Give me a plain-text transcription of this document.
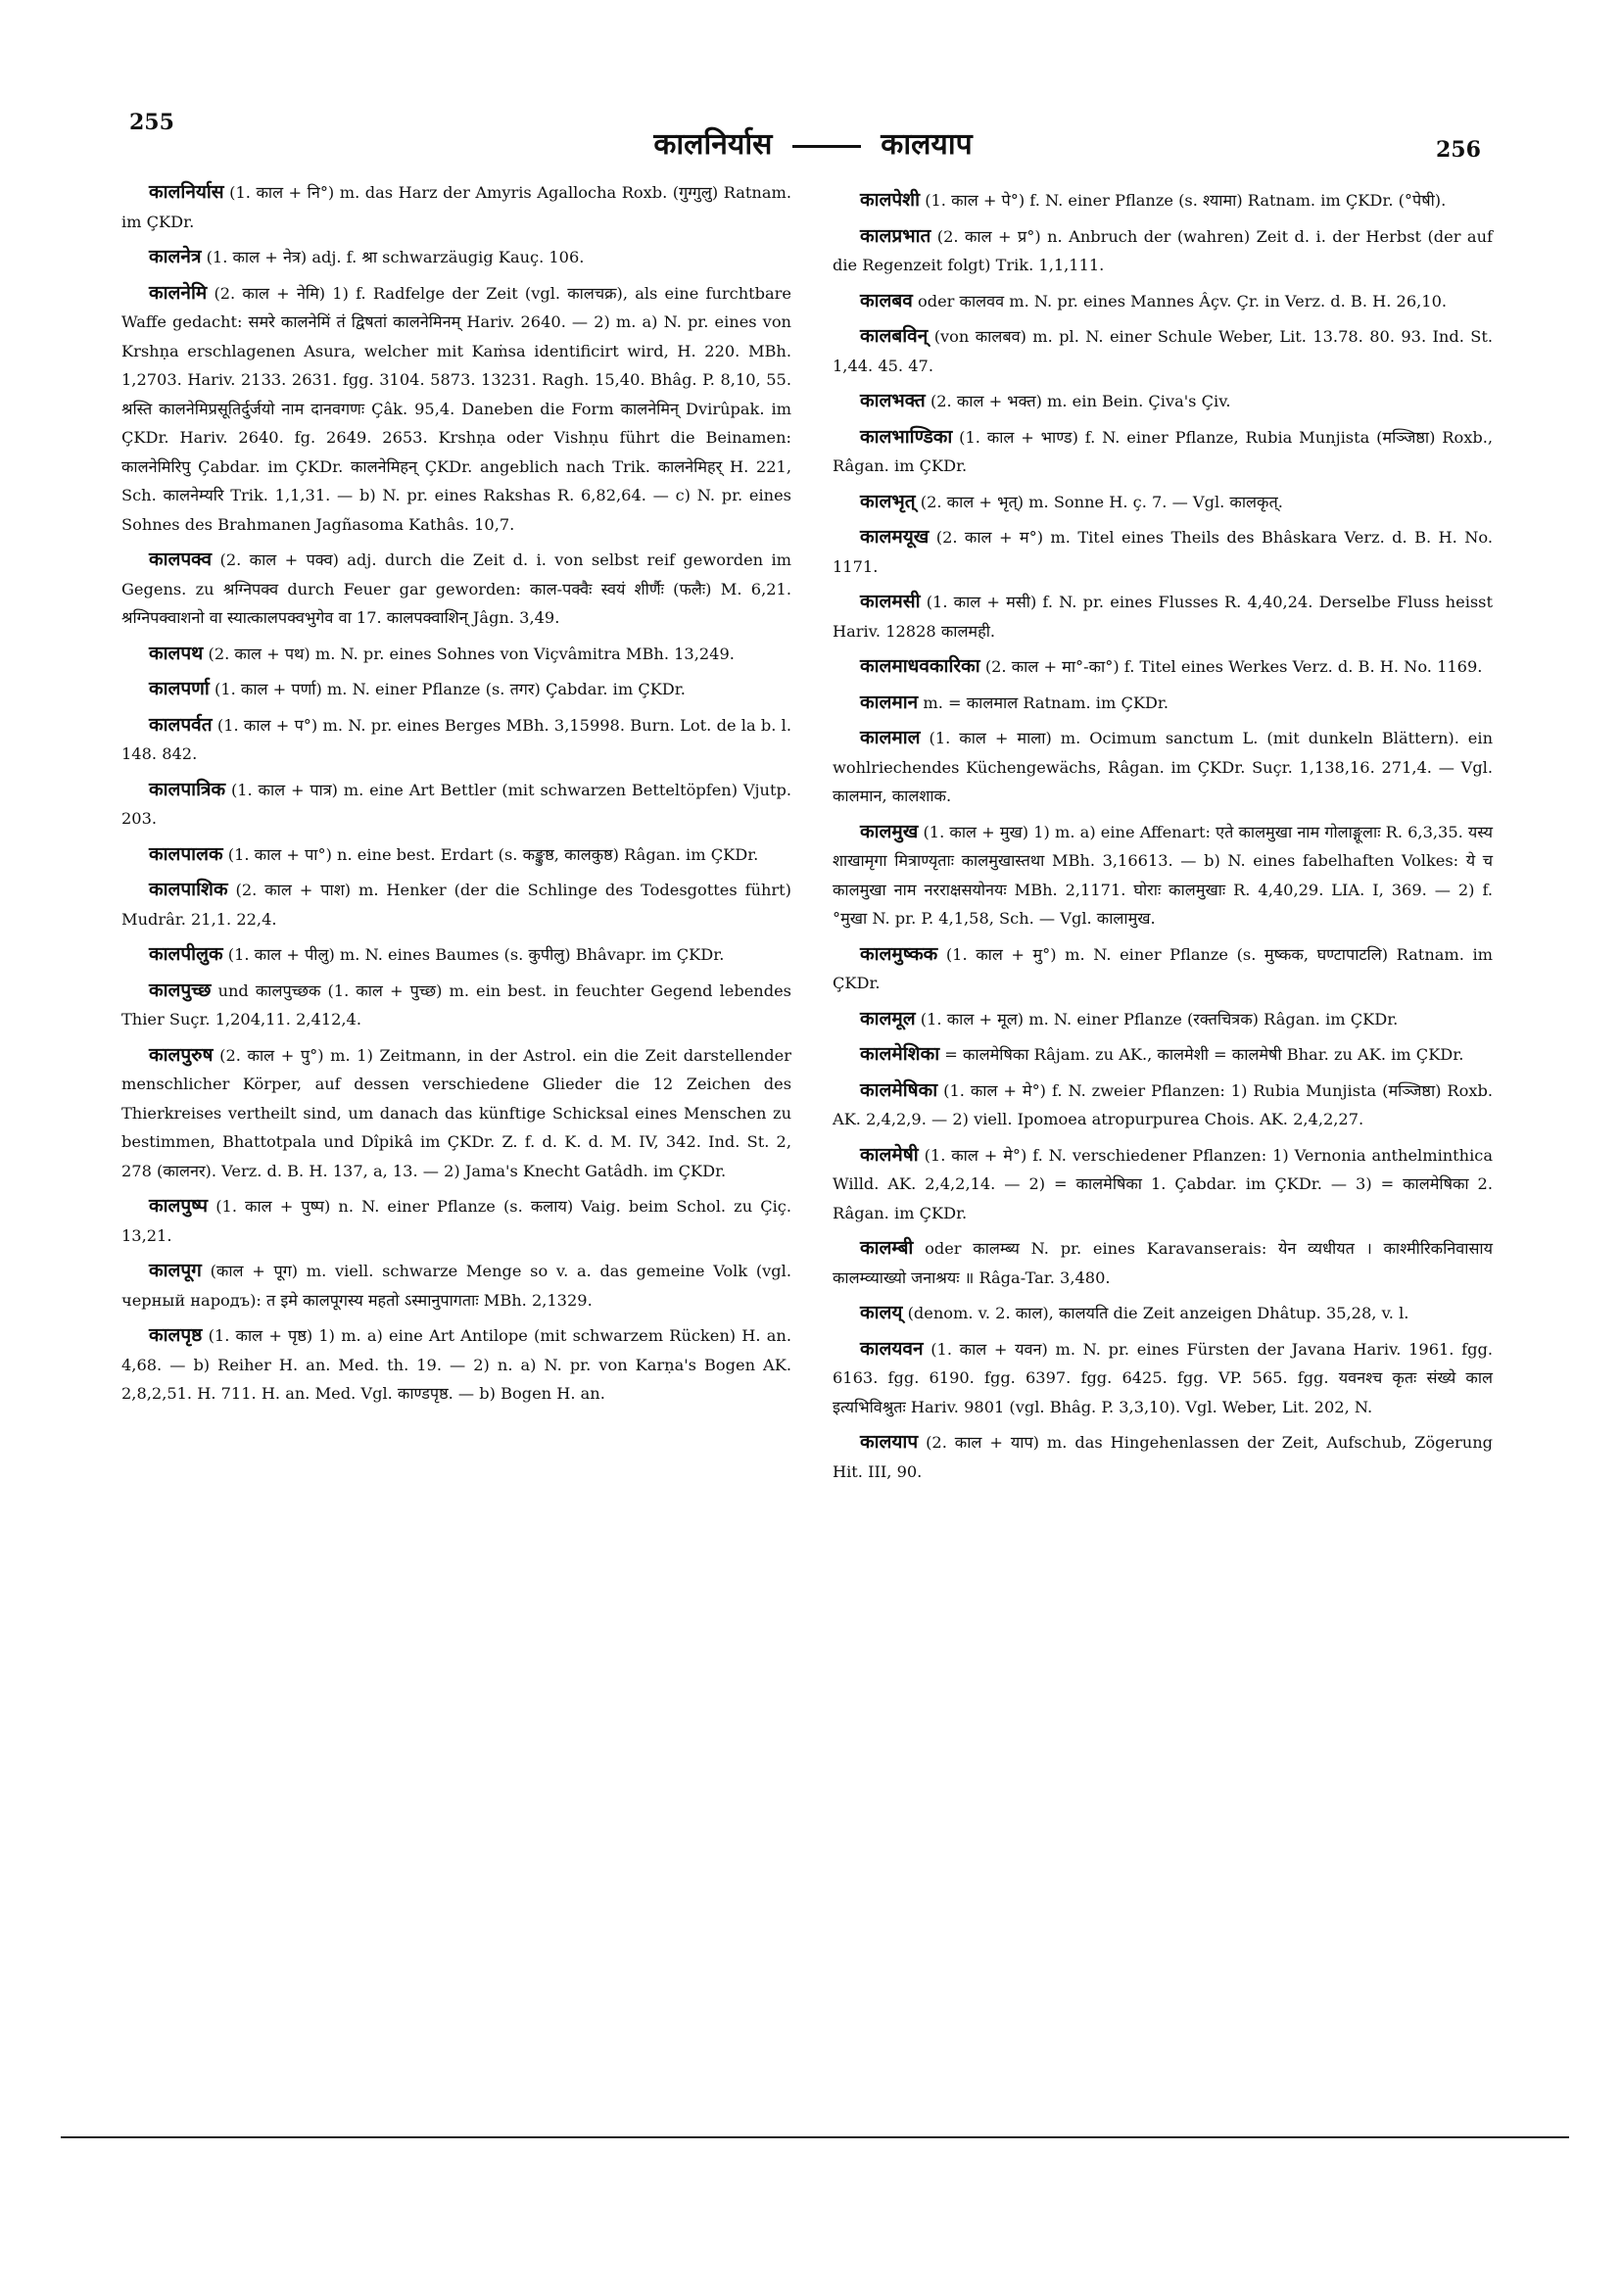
255
कालनिर्यास	कालयाप	256

कालनिर्यास (1. काल + नि°) m. das Harz der Amyris Agallocha Roxb. (गुग्गुलु) Ratnam. im ÇKDr.

कालनेत्र (1. काल + नेत्र) adj. f. श्रा schwarzäugig Kauç. 106.

कालनेमि (2. काल + नेमि) 1) f. Radfelge der Zeit (vgl. कालचक्र), als eine furchtbare Waffe gedacht: समरे कालनेमिं तं द्विषतां कालनेमिनम् Hariv. 2640. — 2) m. a) N. pr. eines von Krshṇa erschlagenen Asura, welcher mit Kaṁsa identificirt wird, H. 220. MBh. 1,2703. Hariv. 2133. 2631. fgg. 3104. 5873. 13231. Ragh. 15,40. Bhâg. P. 8,10, 55. श्रस्ति कालनेमिप्रसूतिर्दुर्जयो नाम दानवगणः Çâk. 95,4. Daneben die Form कालनेमिन् Dvirûpak. im ÇKDr. Hariv. 2640. fg. 2649. 2653. Krshṇa oder Vishṇu führt die Beinamen: कालनेमिरिपु Çabdar. im ÇKDr. कालनेमिहन् ÇKDr. angeblich nach Trik. कालनेमिहर् H. 221, Sch. कालनेम्यरि Trik. 1,1,31. — b) N. pr. eines Rakshas R. 6,82,64. — c) N. pr. eines Sohnes des Brahmanen Jagñasoma Kathâs. 10,7.

कालपक्व (2. काल + पक्व) adj. durch die Zeit d. i. von selbst reif geworden im Gegens. zu श्रग्निपक्व durch Feuer gar geworden: काल-पक्वैः स्वयं शीर्णैः (फलैः) M. 6,21. श्रग्निपक्वाशनो वा स्यात्कालपक्वभुगेव वा 17. कालपक्वाशिन् Jâgn. 3,49.

कालपथ (2. काल + पथ) m. N. pr. eines Sohnes von Viçvâmitra MBh. 13,249.

कालपर्णा (1. काल + पर्णा) m. N. einer Pflanze (s. तगर) Çabdar. im ÇKDr.

कालपर्वत (1. काल + प°) m. N. pr. eines Berges MBh. 3,15998. Burn. Lot. de la b. l. 148. 842.

कालपात्रिक (1. काल + पात्र) m. eine Art Bettler (mit schwarzen Betteltöpfen) Vjutp. 203.

कालपालक (1. काल + पा°) n. eine best. Erdart (s. कङ्कुष्ठ, कालकुष्ठ) Râgan. im ÇKDr.

कालपाशिक (2. काल + पाश) m. Henker (der die Schlinge des Todesgottes führt) Mudrâr. 21,1. 22,4.

कालपीलुक (1. काल + पीलु) m. N. eines Baumes (s. कुपीलु) Bhâvapr. im ÇKDr.

कालपुच्छ und कालपुच्छक (1. काल + पुच्छ) m. ein best. in feuchter Gegend lebendes Thier Suçr. 1,204,11. 2,412,4.

कालपुरुष (2. काल + पु°) m. 1) Zeitmann, in der Astrol. ein die Zeit darstellender menschlicher Körper, auf dessen verschiedene Glieder die 12 Zeichen des Thierkreises vertheilt sind, um danach das künftige Schicksal eines Menschen zu bestimmen, Bhattotpala und Dîpikâ im ÇKDr. Z. f. d. K. d. M. IV, 342. Ind. St. 2, 278 (कालनर). Verz. d. B. H. 137, a, 13. — 2) Jama's Knecht Gatâdh. im ÇKDr.

कालपुष्प (1. काल + पुष्प) n. N. einer Pflanze (s. कलाय) Vaig. beim Schol. zu Çiç. 13,21.

कालपूग (काल + पूग) m. viell. schwarze Menge so v. a. das gemeine Volk (vgl. черный народъ): त इमे कालपूगस्य महतो ऽस्मानुपागताः MBh. 2,1329.

कालपृष्ठ (1. काल + पृष्ठ) 1) m. a) eine Art Antilope (mit schwarzem Rücken) H. an. 4,68. — b) Reiher H. an. Med. th. 19. — 2) n. a) N. pr. von Karṇa's Bogen AK. 2,8,2,51. H. 711. H. an. Med. Vgl. काण्डपृष्ठ. — b) Bogen H. an.

कालपेशी (1. काल + पे°) f. N. einer Pflanze (s. श्यामा) Ratnam. im ÇKDr. (°पेषी).

कालप्रभात (2. काल + प्र°) n. Anbruch der (wahren) Zeit d. i. der Herbst (der auf die Regenzeit folgt) Trik. 1,1,111.

कालबव oder कालवव m. N. pr. eines Mannes Âçv. Çr. in Verz. d. B. H. 26,10.

कालबविन् (von कालबव) m. pl. N. einer Schule Weber, Lit. 13.78. 80. 93. Ind. St. 1,44. 45. 47.

कालभक्त (2. काल + भक्त) m. ein Bein. Çiva's Çiv.

कालभाण्डिका (1. काल + भाण्ड) f. N. einer Pflanze, Rubia Munjista (मञ्जिष्ठा) Roxb., Râgan. im ÇKDr.

कालभृत् (2. काल + भृत्) m. Sonne H. ç. 7. — Vgl. कालकृत्.

कालमयूख (2. काल + म°) m. Titel eines Theils des Bhâskara Verz. d. B. H. No. 1171.

कालमसी (1. काल + मसी) f. N. pr. eines Flusses R. 4,40,24. Derselbe Fluss heisst Hariv. 12828 कालमही.

कालमाधवकारिका (2. काल + मा°-का°) f. Titel eines Werkes Verz. d. B. H. No. 1169.

कालमान m. = कालमाल Ratnam. im ÇKDr.

कालमाल (1. काल + माला) m. Ocimum sanctum L. (mit dunkeln Blättern). ein wohlriechendes Küchengewächs, Râgan. im ÇKDr. Suçr. 1,138,16. 271,4. — Vgl. कालमान, कालशाक.

कालमुख (1. काल + मुख) 1) m. a) eine Affenart: एते कालमुखा नाम गोलाङ्गूलाः R. 6,3,35. यस्य शाखामृगा मित्राण्यृताः कालमुखास्तथा MBh. 3,16613. — b) N. eines fabelhaften Volkes: ये च कालमुखा नाम नरराक्षसयोनयः MBh. 2,1171. घोराः कालमुखाः R. 4,40,29. LIA. I, 369. — 2) f. °मुखा N. pr. P. 4,1,58, Sch. — Vgl. कालामुख.

कालमुष्कक (1. काल + मु°) m. N. einer Pflanze (s. मुष्कक, घण्टापाटलि) Ratnam. im ÇKDr.

कालमूल (1. काल + मूल) m. N. einer Pflanze (रक्तचित्रक) Râgan. im ÇKDr.

कालमेशिका = कालमेषिका Râjam. zu AK., कालमेशी = कालमेषी Bhar. zu AK. im ÇKDr.

कालमेषिका (1. काल + मे°) f. N. zweier Pflanzen: 1) Rubia Munjista (मञ्जिष्ठा) Roxb. AK. 2,4,2,9. — 2) viell. Ipomoea atropurpurea Chois. AK. 2,4,2,27.

कालमेषी (1. काल + मे°) f. N. verschiedener Pflanzen: 1) Vernonia anthelminthica Willd. AK. 2,4,2,14. — 2) = कालमेषिका 1. Çabdar. im ÇKDr. — 3) = कालमेषिका 2. Râgan. im ÇKDr.

कालम्बी oder कालम्ब्य N. pr. eines Karavanserais: येन व्यधीयत । काश्मीरिकनिवासाय कालम्व्याख्यो जनाश्रयः ॥ Râga-Tar. 3,480.

कालय् (denom. v. 2. काल), कालयति die Zeit anzeigen Dhâtup. 35,28, v. l.

कालयवन (1. काल + यवन) m. N. pr. eines Fürsten der Javana Hariv. 1961. fgg. 6163. fgg. 6190. fgg. 6397. fgg. 6425. fgg. VP. 565. fgg. यवनश्च कृतः संख्ये काल इत्यभिविश्रुतः Hariv. 9801 (vgl. Bhâg. P. 3,3,10). Vgl. Weber, Lit. 202, N.

कालयाप (2. काल + याप) m. das Hingehenlassen der Zeit, Aufschub, Zögerung Hit. III, 90.
